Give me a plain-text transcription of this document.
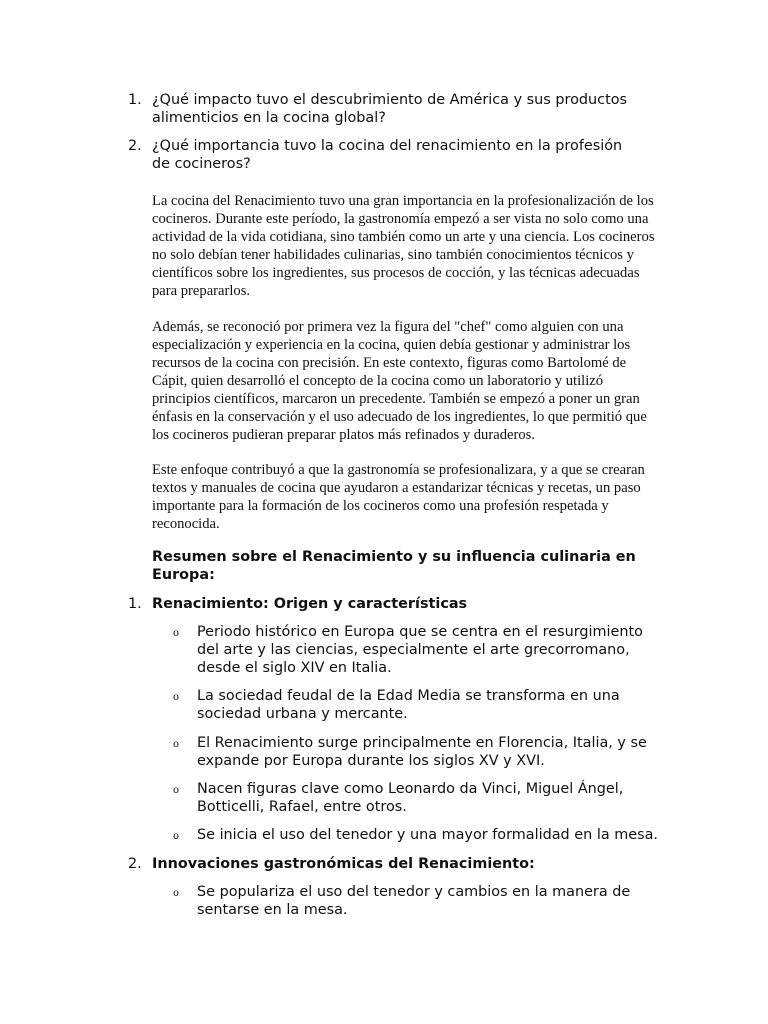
1. ¿Qué impacto tuvo el descubrimiento de América y sus productos alimenticios en la cocina global?
2. ¿Qué importancia tuvo la cocina del renacimiento en la profesión de cocineros?

La cocina del Renacimiento tuvo una gran importancia en la profesionalización de los cocineros. Durante este período, la gastronomía empezó a ser vista no solo como una actividad de la vida cotidiana, sino también como un arte y una ciencia. Los cocineros no solo debían tener habilidades culinarias, sino también conocimientos técnicos y científicos sobre los ingredientes, sus procesos de cocción, y las técnicas adecuadas para prepararlos.

Además, se reconoció por primera vez la figura del "chef" como alguien con una especialización y experiencia en la cocina, quien debía gestionar y administrar los recursos de la cocina con precisión. En este contexto, figuras como Bartolomé de Cápit, quien desarrolló el concepto de la cocina como un laboratorio y utilizó principios científicos, marcaron un precedente. También se empezó a poner un gran énfasis en la conservación y el uso adecuado de los ingredientes, lo que permitió que los cocineros pudieran preparar platos más refinados y duraderos.

Este enfoque contribuyó a que la gastronomía se profesionalizara, y a que se crearan textos y manuales de cocina que ayudaron a estandarizar técnicas y recetas, un paso importante para la formación de los cocineros como una profesión respetada y reconocida.

Resumen sobre el Renacimiento y su influencia culinaria en Europa:
1. Renacimiento: Origen y características
o Periodo histórico en Europa que se centra en el resurgimiento del arte y las ciencias, especialmente el arte grecorromano, desde el siglo XIV en Italia.
o La sociedad feudal de la Edad Media se transforma en una sociedad urbana y mercante.
o El Renacimiento surge principalmente en Florencia, Italia, y se expande por Europa durante los siglos XV y XVI.
o Nacen figuras clave como Leonardo da Vinci, Miguel Ángel, Botticelli, Rafael, entre otros.
o Se inicia el uso del tenedor y una mayor formalidad en la mesa.
2. Innovaciones gastronómicas del Renacimiento:
o Se populariza el uso del tenedor y cambios en la manera de sentarse en la mesa.
